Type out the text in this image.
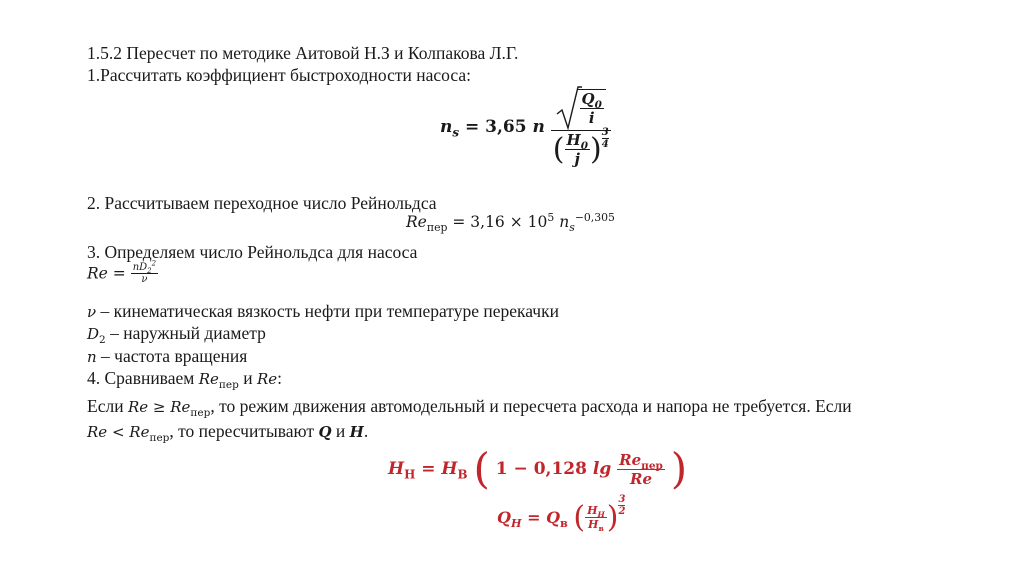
1.5.2 Пересчет по методике Аитовой Н.З и Колпакова Л.Г.
1.Рассчитать коэффициент быстроходности насоса:
$n_s = 3,65$ n $\frac{\frac{Q_0}{i}}{( \frac{H_0}{j} ) \frac{3}{4}}$
2. Рассчитываем переходное число Рейнольдса
$Re_{пер} = 3,16 \times 10^5$ $n_s^{-0,305}$
3. Определяем число Рейнольдса для насоса
$Re = \frac{nD_2^2}{\nu}$
ν – кинематическая вязкость нефти при температуре перекачки
$D_2$ – наружный диаметр
n – частота вращения
4. Сравниваем $Re_{пер}$ и Re:
Если $Re \ge Re_{пер}$, то режим движения автомодельный и пересчета расхода и напора не требуется. Если
$Re < Re_{пер}$, то пересчитывают Q и H.
$H_Н = H_В$ ( 1 − 0,128 $\lg \frac{Re_{пер}}{Re}$ )
$Q_H = Q_в$ ( $\frac{H_H}{H_в}$ ) $\frac{3}{2}$
